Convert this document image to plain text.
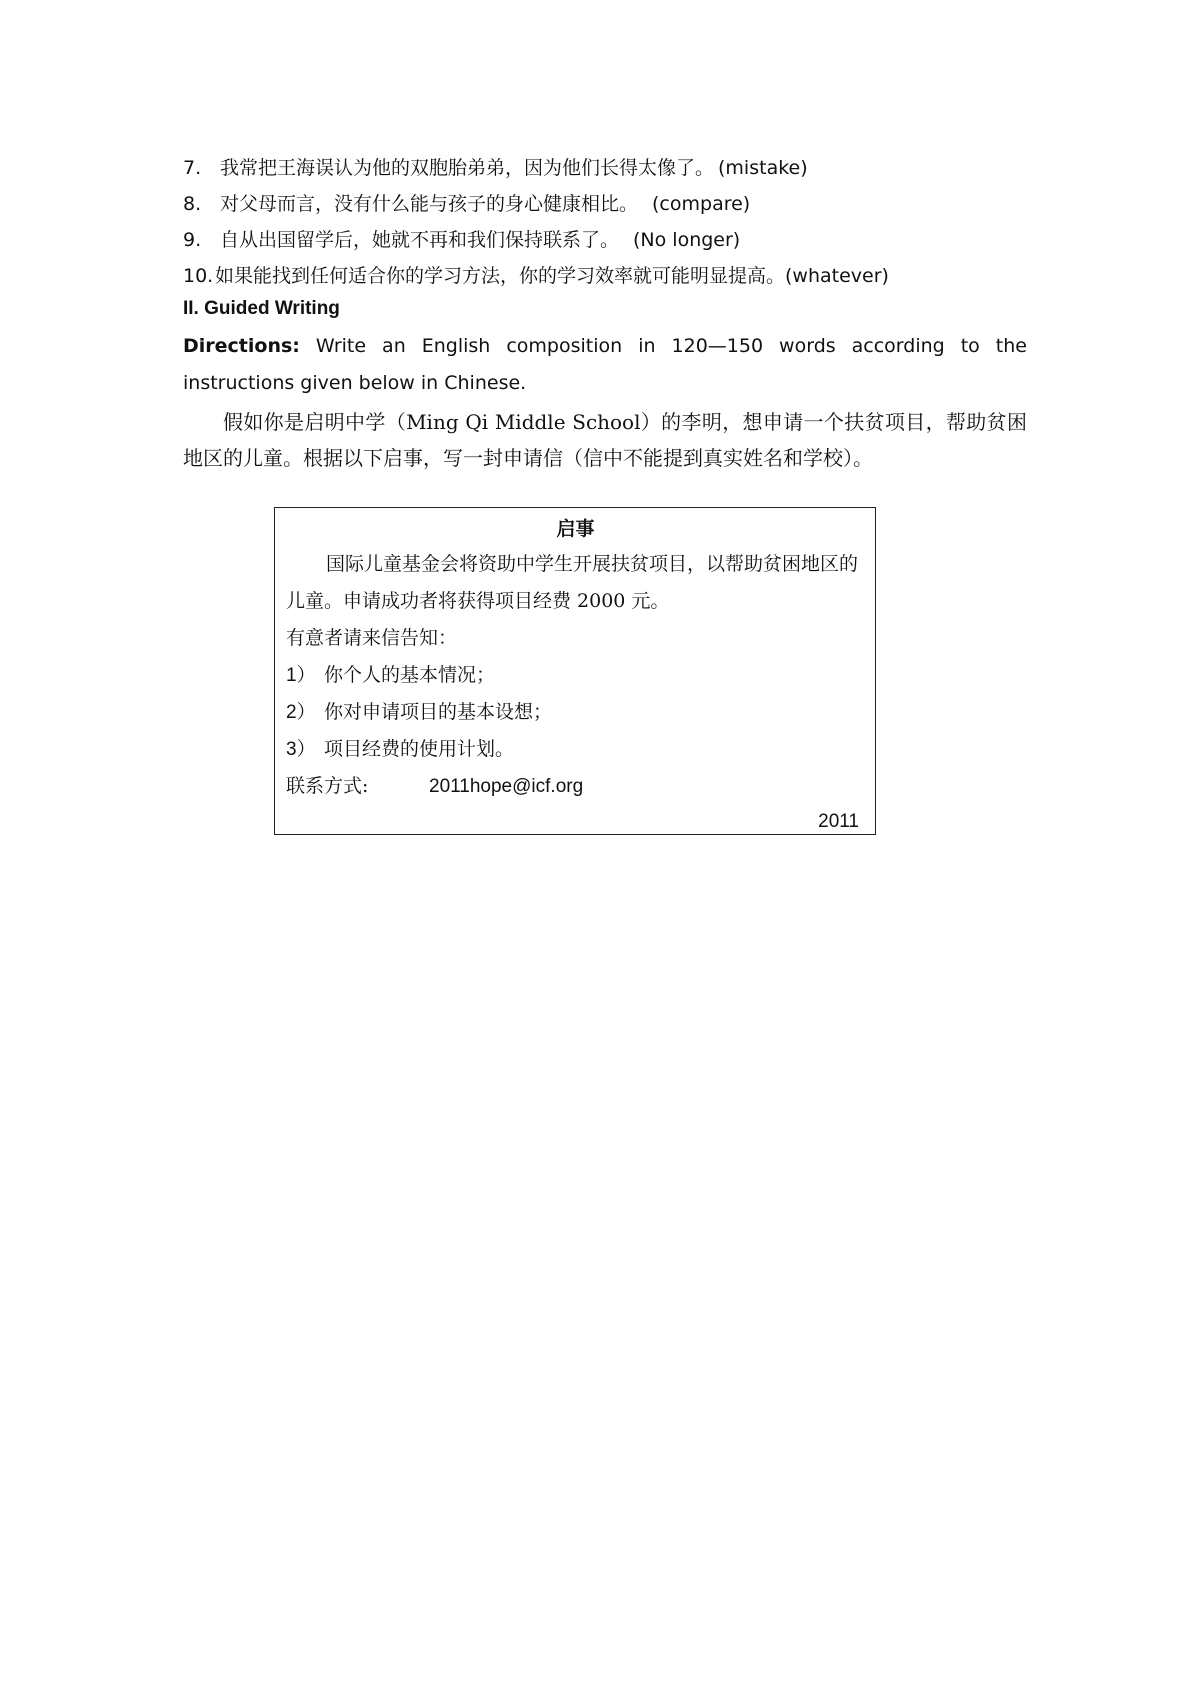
7. 我常把王海误认为他的双胞胎弟弟，因为他们长得太像了。 (mistake)
8. 对父母而言，没有什么能与孩子的身心健康相比。 (compare)
9. 自从出国留学后，她就不再和我们保持联系了。 (No longer)
10. 如果能找到任何适合你的学习方法，你的学习效率就可能明显提高。 (whatever)
II. Guided Writing

Directions: Write an English composition in 120—150 words according to the instructions given below in Chinese.

假如你是启明中学（Ming Qi Middle School）的李明，想申请一个扶贫项目，帮助贫困地区的儿童。根据以下启事，写一封申请信（信中不能提到真实姓名和学校）。

启事

国际儿童基金会将资助中学生开展扶贫项目，以帮助贫困地区的儿童。申请成功者将获得项目经费 2000 元。

有意者请来信告知：

1） 你个人的基本情况；

2） 你对申请项目的基本设想；

3） 项目经费的使用计划。

联系方式:	2011hope@icf.org

2011
